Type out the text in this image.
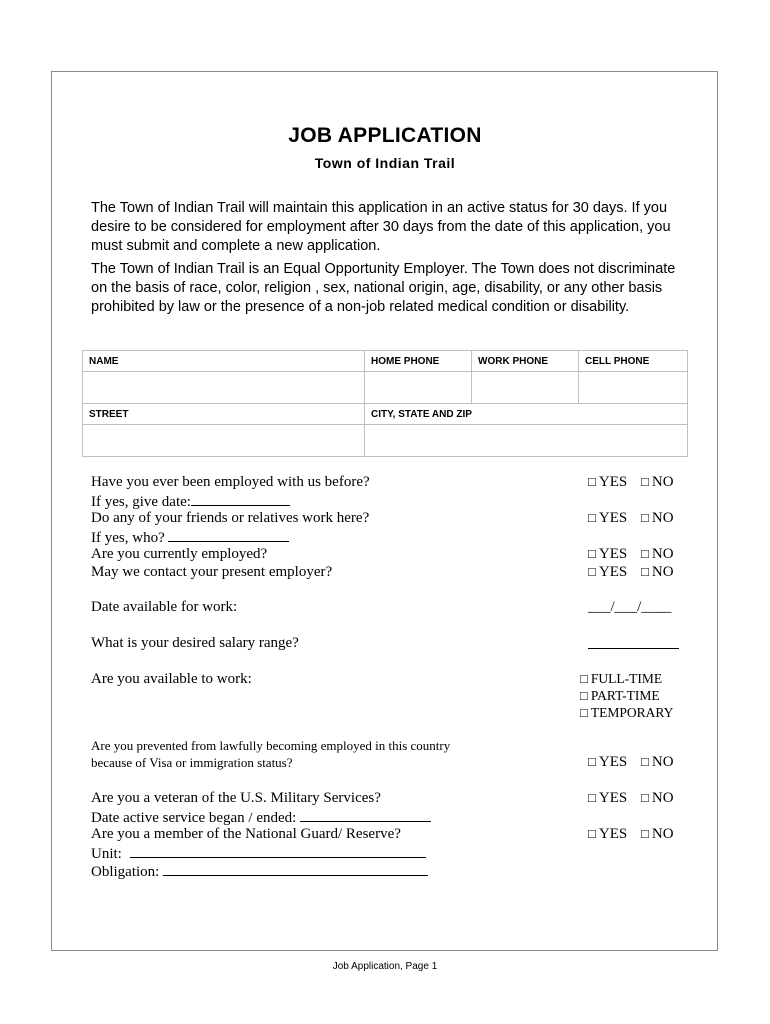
JOB APPLICATION
Town of Indian Trail
The Town of Indian Trail will maintain this application in an active status for 30 days. If you desire to be considered for employment after 30 days from the date of this application, you must submit and complete a new application.
The Town of Indian Trail is an Equal Opportunity Employer. The Town does not discriminate on the basis of race, color, religion , sex, national origin, age, disability, or any other basis prohibited by law or the presence of a non-job related medical condition or disability.
NAME	HOME PHONE	WORK PHONE	CELL PHONE

STREET	CITY, STATE AND ZIP		

Have you ever been employed with us before?	□ YES □ NO
If yes, give date:
Do any of your friends or relatives work here?	□ YES □ NO
If yes, who?
Are you currently employed?	□ YES □ NO
May we contact your present employer?	□ YES □ NO
Date available for work:	___/___/____
What is your desired salary range?
Are you available to work:	□ FULL-TIME
□ PART-TIME
□ TEMPORARY
Are you prevented from lawfully becoming employed in this country
because of Visa or immigration status?	□ YES □ NO
Are you a veteran of the U.S. Military Services?	□ YES □ NO
Date active service began / ended:
Are you a member of the National Guard/ Reserve?	□ YES □ NO
Unit:
Obligation:
Job Application, Page 1
